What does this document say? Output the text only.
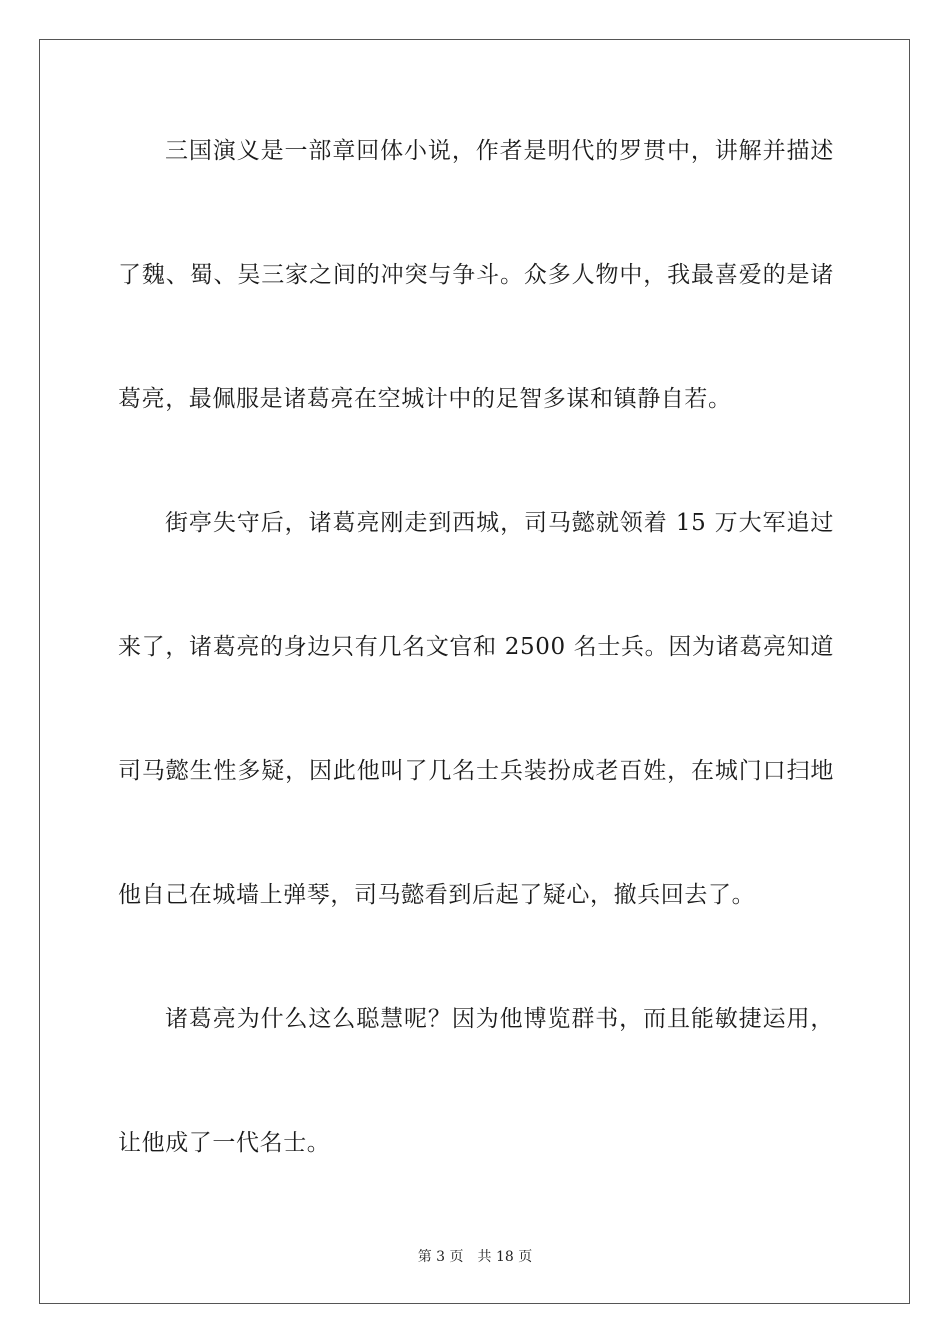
三国演义是一部章回体小说，作者是明代的罗贯中，讲解并描述
了魏、蜀、吴三家之间的冲突与争斗。众多人物中，我最喜爱的是诸
葛亮，最佩服是诸葛亮在空城计中的足智多谋和镇静自若。
街亭失守后，诸葛亮刚走到西城，司马懿就领着 15 万大军追过
来了，诸葛亮的身边只有几名文官和 2500 名士兵。因为诸葛亮知道
司马懿生性多疑，因此他叫了几名士兵装扮成老百姓，在城门口扫地
他自己在城墙上弹琴，司马懿看到后起了疑心，撤兵回去了。
诸葛亮为什么这么聪慧呢？因为他博览群书，而且能敏捷运用，
让他成了一代名士。
第 3 页 共 18 页
